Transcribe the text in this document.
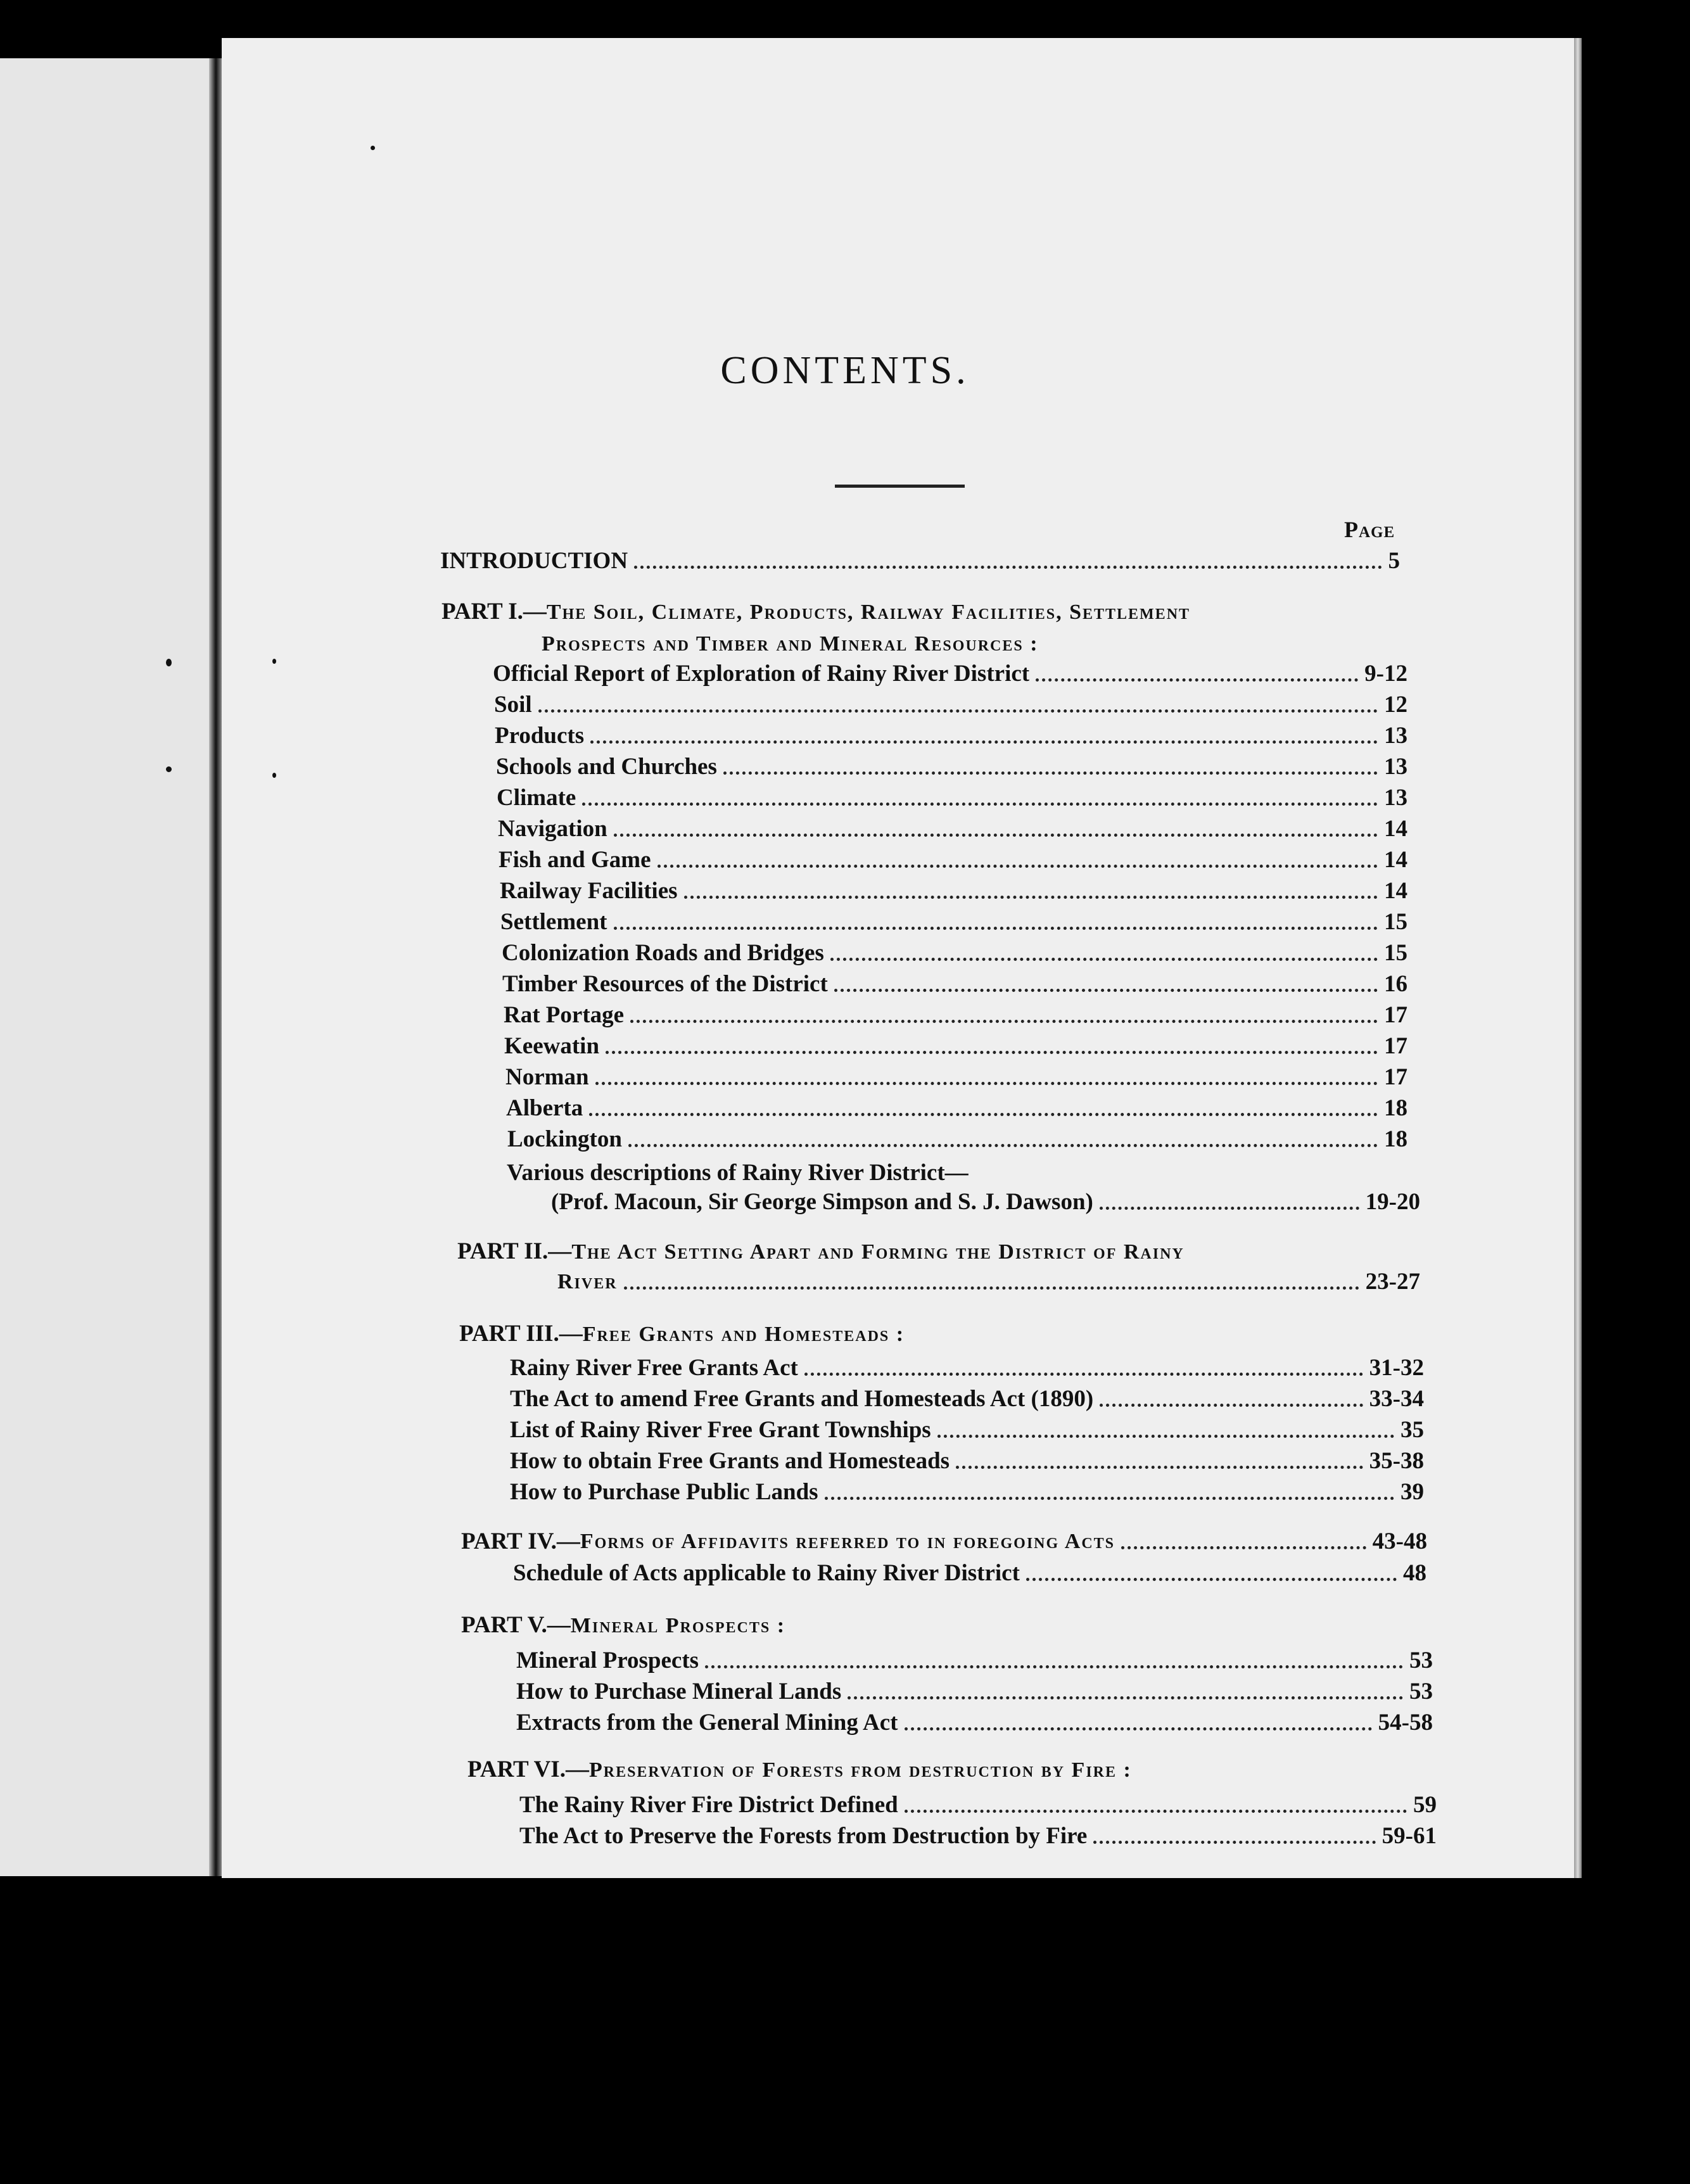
CONTENTS.
Page
INTRODUCTION	5
PART I.—The Soil, Climate, Products, Railway Facilities, Settlement
Prospects and Timber and Mineral Resources :
Official Report of Exploration of Rainy River District	9-12
Soil	12
Products	13
Schools and Churches	13
Climate	13
Navigation	14
Fish and Game	14
Railway Facilities	14
Settlement	15
Colonization Roads and Bridges	15
Timber Resources of the District	16
Rat Portage	17
Keewatin	17
Norman	17
Alberta	18
Lockington	18
Various descriptions of Rainy River District—
(Prof. Macoun, Sir George Simpson and S. J. Dawson)	19-20
PART II.—The Act Setting Apart and Forming the District of Rainy
River	23-27
PART III.—Free Grants and Homesteads :
Rainy River Free Grants Act	31-32
The Act to amend Free Grants and Homesteads Act (1890)	33-34
List of Rainy River Free Grant Townships	35
How to obtain Free Grants and Homesteads	35-38
How to Purchase Public Lands	39
PART IV.— Forms of Affidavits referred to in foregoing Acts	43-48
Schedule of Acts applicable to Rainy River District	48
PART V.—Mineral Prospects :
Mineral Prospects	53
How to Purchase Mineral Lands	53
Extracts from the General Mining Act	54-58
PART VI.—Preservation of Forests from destruction by Fire :
The Rainy River Fire District Defined	59
The Act to Preserve the Forests from Destruction by Fire	59-61
